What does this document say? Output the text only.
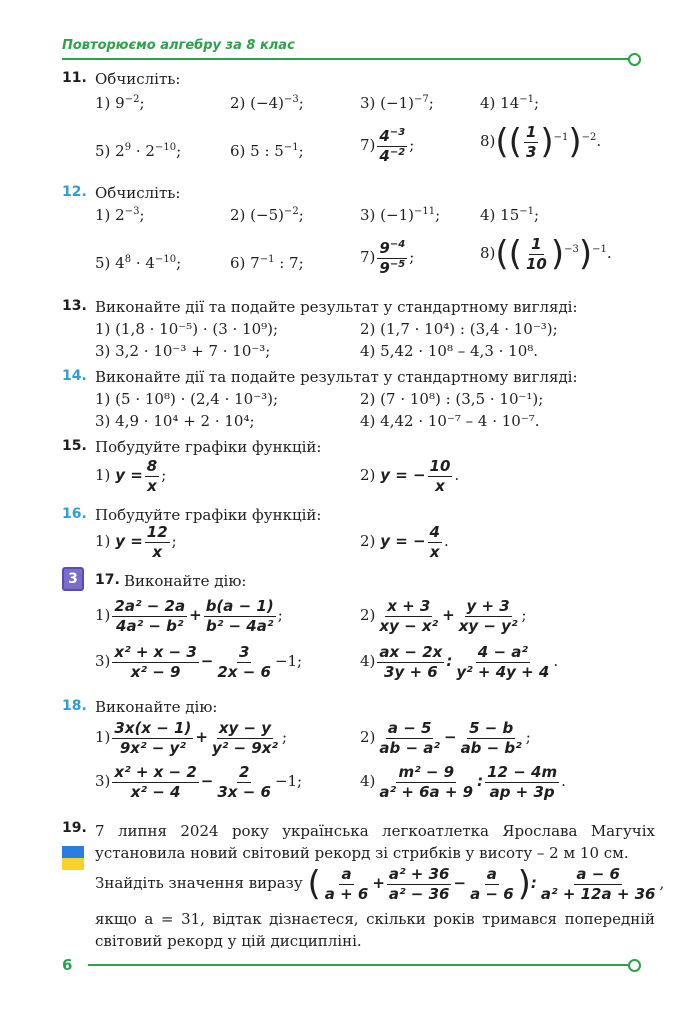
Повторюємо алгебру за 8 клас
11. Обчисліть:
1) $9^{-2}$;	2) $(-4)^{-3}$;	3) $(-1)^{-7}$;	4) $14^{-1}$;
5) $2^9 \cdot 2^{-10}$;	6) 5 : $5^{-1}$;	$7) \frac{4^{-3}}{4^{-2}}$ ;	$8)(( \frac{1}{3} )^{-1})^{-2}$.
12. Обчисліть:
1) $2^{-3}$;	2) $(-5)^{-2}$;	3) $(-1)^{-11}$;	4) $15^{-1}$;
5) $4^8 \cdot 4^{-10}$;	6) $7^{-1}$ : 7;	$7) \frac{9^{-4}}{9^{-5}}$ ;	$8)(( \frac{1}{10} )^{-3})^{-1}$.
13. Виконайте дії та подайте результат у стандартному вигляді:
1) (1,8 · 10⁻⁵) · (3 · 10⁹);	2) (1,7 · 10⁴) : (3,4 · 10⁻³);
3) 3,2 · 10⁻³ + 7 · 10⁻³;	4) 5,42 · 10⁸ – 4,3 · 10⁸.
14. Виконайте дії та подайте результат у стандартному вигляді:
1) (5 · 10⁸) · (2,4 · 10⁻³);	2) (7 · 10⁸) : (3,5 · 10⁻¹);
3) 4,9 · 10⁴ + 2 · 10⁴;	4) 4,42 · 10⁻⁷ – 4 · 10⁻⁷.
15. Побудуйте графіки функцій:
1) $y = \frac{8}{x}$ ;	2) y = − $\frac{10}{x}$ .
16. Побудуйте графіки функцій:
1) $y = \frac{12}{x}$ ;	2) y = − $\frac{4}{x}$ .
3	17. Виконайте дію:
$1) \frac{\text{2a² − 2a}}{\text{4a² − b²}} + \frac{b(a - 1)}{\text{b² − 4a²}}$ ;	$2) \frac{x + 3}{\text{xy − x²}} + \frac{y + 3}{\text{xy − y²}}$ ;
$3) \frac{\text{x² + x − 3}}{\text{x² − 9}} - \frac{3}{2x - 6} -1$;	$4) \frac{ax - 2x}{3y + 6}$ : $\frac{\text{4 − a²}}{\text{y² + 4y + 4}}$ .
18. Виконайте дію:
$1) \frac{3x(x - 1)}{\text{9x² − y²}} + \frac{xy - y}{\text{y² − 9x²}}$ ;	$2) \frac{a - 5}{\text{ab − a²}} - \frac{5 - b}{\text{ab − b²}}$ ;
$3) \frac{\text{x² + x − 2}}{\text{x² − 4}} - \frac{2}{3x - 6} -1$;	$4) \frac{\text{m² − 9}}{\text{a² + 6a + 9}}$ : $\frac{12 - 4m}{ap + 3p}$ .
19. 7 липня 2024 року українська легкоатлетка Ярослава Магучіх установила новий світовий рекорд зі стрибків у висоту – 2 м 10 см.
Знайдіть значення виразу ( $\frac{a}{a + 6} + \frac{\text{a² + 36}}{\text{a² − 36}} - \frac{a}{a - 6}$ ): $\frac{a - 6}{\text{a² + 12a + 36}}$ ,
якщо a = 31, відтак дізнаєтеся, скільки років тримався попередній світовий рекорд у цій дисципліні.
6
